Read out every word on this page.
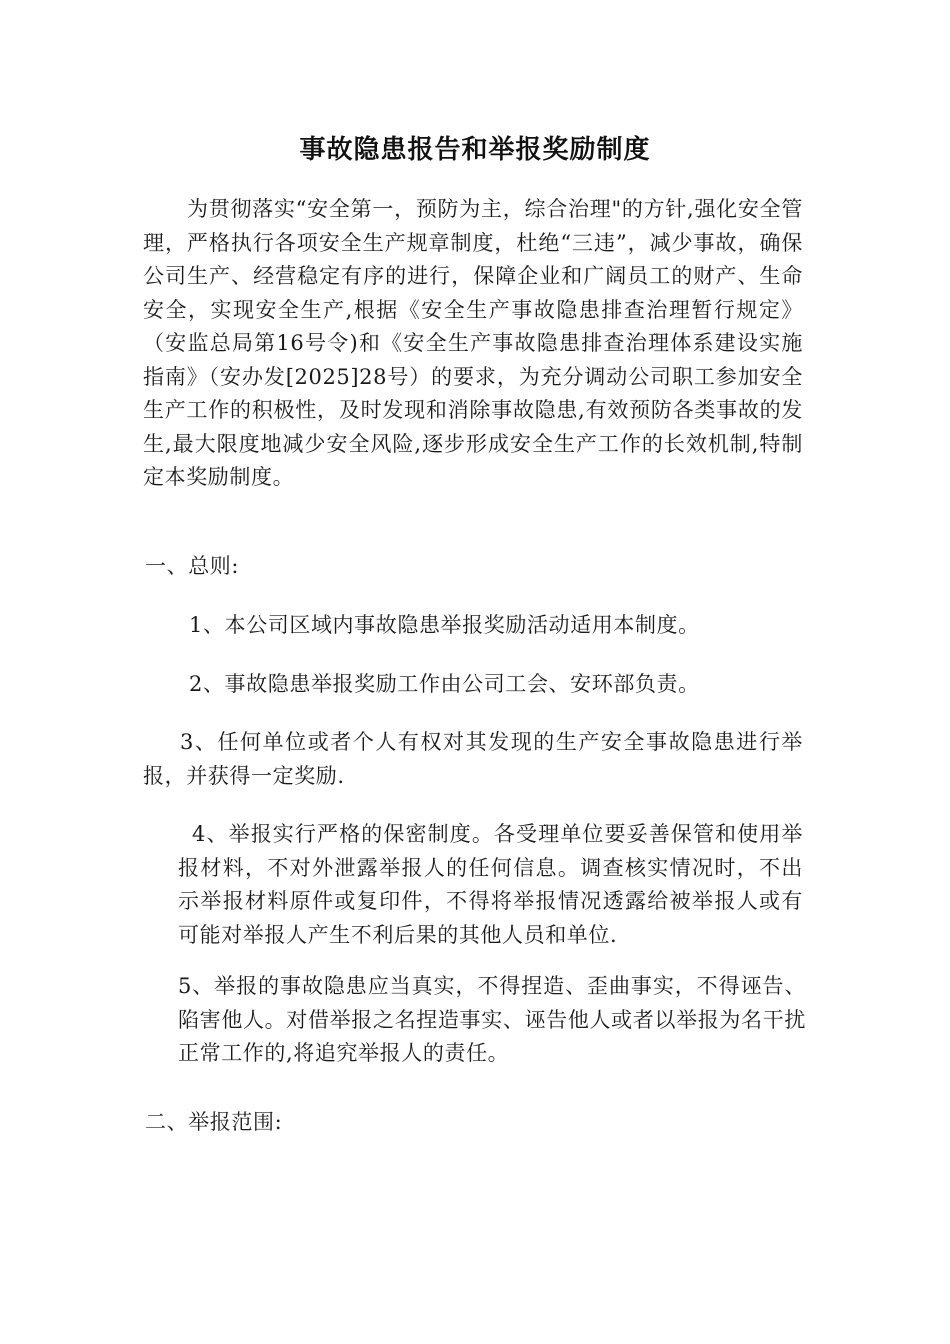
事故隐患报告和举报奖励制度

为贯彻落实“安全第一，预防为主，综合治理"的方针,强化安全管理，严格执行各项安全生产规章制度，杜绝“三违”，减少事故，确保公司生产、经营稳定有序的进行，保障企业和广阔员工的财产、生命安全，实现安全生产,根据《安全生产事故隐患排查治理暂行规定》（安监总局第16号令)和《安全生产事故隐患排查治理体系建设实施指南》（安办发[2025]28号）的要求，为充分调动公司职工参加安全生产工作的积极性，及时发现和消除事故隐患,有效预防各类事故的发生,最大限度地减少安全风险,逐步形成安全生产工作的长效机制,特制定本奖励制度。

一、总则:

1、本公司区域内事故隐患举报奖励活动适用本制度。

2、事故隐患举报奖励工作由公司工会、安环部负责。

3、任何单位或者个人有权对其发现的生产安全事故隐患进行举报，并获得一定奖励.

4、举报实行严格的保密制度。各受理单位要妥善保管和使用举报材料，不对外泄露举报人的任何信息。调查核实情况时，不出示举报材料原件或复印件，不得将举报情况透露给被举报人或有可能对举报人产生不利后果的其他人员和单位.

5、举报的事故隐患应当真实，不得捏造、歪曲事实，不得诬告、陷害他人。对借举报之名捏造事实、诬告他人或者以举报为名干扰正常工作的,将追究举报人的责任。

二、举报范围:
